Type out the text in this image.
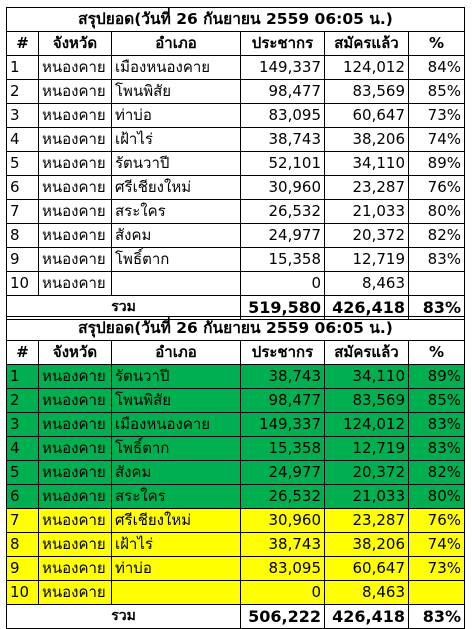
สรุปยอด(วันที่ 26 กันยายน 2559 06:05 น.)					
#	จังหวัด	อำเภอ	ประชากร	สมัครแล้ว	%
1	หนองคาย	เมืองหนองคาย	149,337	124,012	84%
2	หนองคาย	โพนพิสัย	98,477	83,569	85%
3	หนองคาย	ท่าบ่อ	83,095	60,647	73%
4	หนองคาย	เฝ้าไร่	38,743	38,206	74%
5	หนองคาย	รัตนวาปี	52,101	34,110	89%
6	หนองคาย	ศรีเชียงใหม่	30,960	23,287	76%
7	หนองคาย	สระใคร	26,532	21,033	80%
8	หนองคาย	สังคม	24,977	20,372	82%
9	หนองคาย	โพธิ์ตาก	15,358	12,719	83%
10	หนองคาย		0	8,463	
รวม			519,580	426,418	83%
สรุปยอด(วันที่ 26 กันยายน 2559 06:05 น.)					
#	จังหวัด	อำเภอ	ประชากร	สมัครแล้ว	%
1	หนองคาย	รัตนวาปี	38,743	34,110	89%
2	หนองคาย	โพนพิสัย	98,477	83,569	85%
3	หนองคาย	เมืองหนองคาย	149,337	124,012	83%
4	หนองคาย	โพธิ์ตาก	15,358	12,719	83%
5	หนองคาย	สังคม	24,977	20,372	82%
6	หนองคาย	สระใคร	26,532	21,033	80%
7	หนองคาย	ศรีเชียงใหม่	30,960	23,287	76%
8	หนองคาย	เฝ้าไร่	38,743	38,206	74%
9	หนองคาย	ท่าบ่อ	83,095	60,647	73%
10	หนองคาย		0	8,463	
รวม			506,222	426,418	83%
